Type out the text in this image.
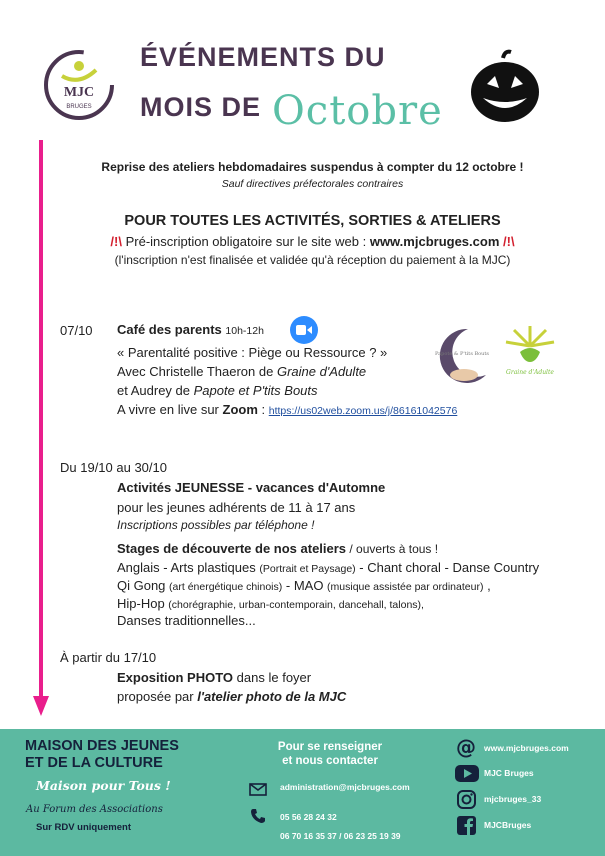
MJC
BRUGES
ÉVÉNEMENTS DU
MOIS DE Octobre
Reprise des ateliers hebdomadaires suspendus à compter du 12 octobre !
Sauf directives préfectorales contraires
POUR TOUTES LES ACTIVITÉS, SORTIES & ATELIERS
/!\ Pré-inscription obligatoire sur le site web : www.mjcbruges.com /!\
(l'inscription n'est finalisée et validée qu'à réception du paiement à la MJC)
07/10 Café des parents 10h-12h
« Parentalité positive : Piège ou Ressource ? »
Avec Christelle Thaeron de Graine d'Adulte
et Audrey de Papote et P'tits Bouts
A vivre en live sur Zoom : https://us02web.zoom.us/j/86161042576
Papote & P'tits Bouts
Graine d'Adulte
Du 19/10 au 30/10
Activités JEUNESSE - vacances d'Automne
pour les jeunes adhérents de 11 à 17 ans
Inscriptions possibles par téléphone !
Stages de découverte de nos ateliers / ouverts à tous !
Anglais - Arts plastiques (Portrait et Paysage) - Chant choral - Danse Country
Qi Gong (art énergétique chinois) - MAO (musique assistée par ordinateur) ,
Hip-Hop (chorégraphie, urban-contemporain, dancehall, talons),
Danses traditionnelles...
À partir du 17/10
Exposition PHOTO dans le foyer
proposée par l'atelier photo de la MJC
MAISON DES JEUNES
ET DE LA CULTURE
Maison pour Tous !
Au Forum des Associations
Sur RDV uniquement
Pour se renseigner
et nous contacter
administration@mjcbruges.com
05 56 28 24 32
06 70 16 35 37 / 06 23 25 19 39
@ www.mjcbruges.com
MJC Bruges
mjcbruges_33
MJCBruges
